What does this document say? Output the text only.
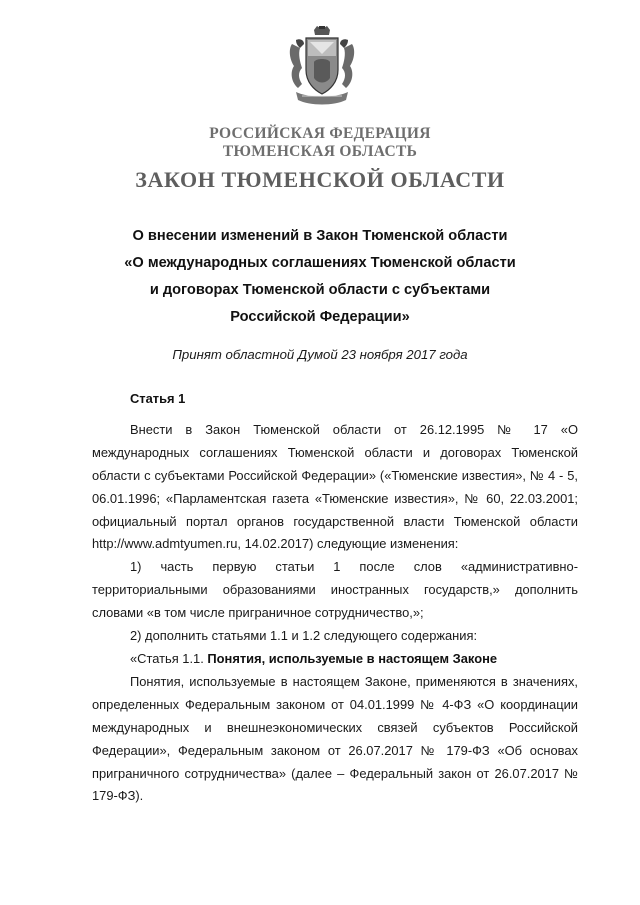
РОССИЙСКАЯ ФЕДЕРАЦИЯ
ТЮМЕНСКАЯ ОБЛАСТЬ
ЗАКОН ТЮМЕНСКОЙ ОБЛАСТИ
О внесении изменений в Закон Тюменской области
«О международных соглашениях Тюменской области
и договорах Тюменской области с субъектами
Российской Федерации»
Принят областной Думой 23 ноября 2017 года

Статья 1

Внести в Закон Тюменской области от 26.12.1995 № 17 «О международных соглашениях Тюменской области и договорах Тюменской области с субъектами Российской Федерации» («Тюменские известия», № 4 - 5, 06.01.1996; «Парламентская газета «Тюменские известия», № 60, 22.03.2001; официальный портал органов государственной власти Тюменской области http://www.admtyumen.ru, 14.02.2017) следующие изменения:

1) часть первую статьи 1 после слов «административно-территориальными образованиями иностранных государств,» дополнить словами «в том числе приграничное сотрудничество,»;

2) дополнить статьями 1.1 и 1.2 следующего содержания:

«Статья 1.1. Понятия, используемые в настоящем Законе

Понятия, используемые в настоящем Законе, применяются в значениях, определенных Федеральным законом от 04.01.1999 № 4-ФЗ «О координации международных и внешнеэкономических связей субъектов Российской Федерации», Федеральным законом от 26.07.2017 № 179-ФЗ «Об основах приграничного сотрудничества» (далее – Федеральный закон от 26.07.2017 № 179-ФЗ).
